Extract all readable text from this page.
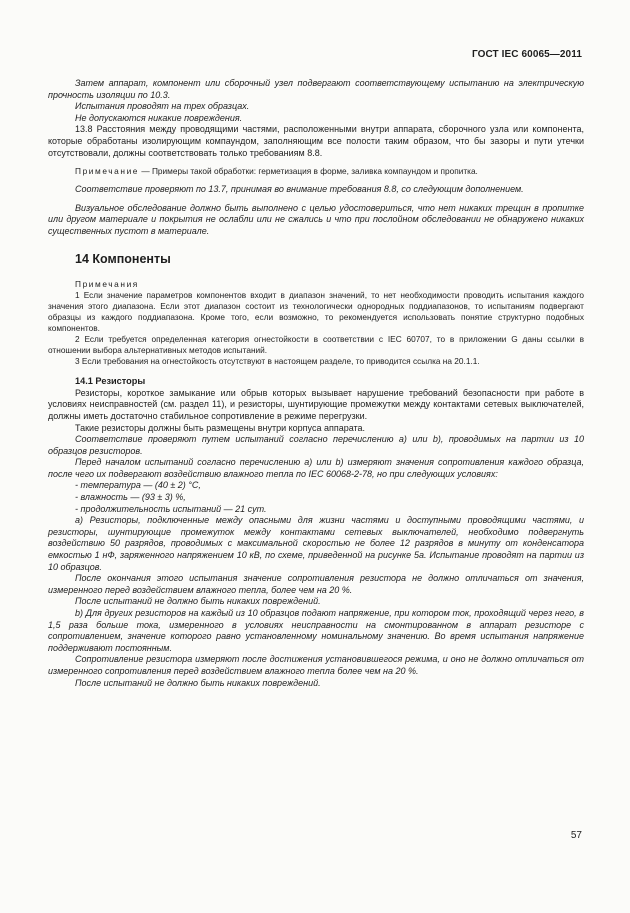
ГОСТ IEC 60065—2011

Затем аппарат, компонент или сборочный узел подвергают соответствующему испытанию на электрическую прочность изоляции по 10.3.

Испытания проводят на трех образцах.

Не допускаются никакие повреждения.

13.8 Расстояния между проводящими частями, расположенными внутри аппарата, сборочного узла или компонента, которые обработаны изолирующим компаундом, заполняющим все полости таким образом, что бы зазоры и пути утечки отсутствовали, должны соответствовать только требованиям 8.8.

Примечание — Примеры такой обработки: герметизация в форме, заливка компаундом и пропитка.

Соответствие проверяют по 13.7, принимая во внимание требования 8.8, со следующим дополнением.

Визуальное обследование должно быть выполнено с целью удостовериться, что нет никаких трещин в пропитке или другом материале и покрытия не ослабли или не сжались и что при послойном обследовании не обнаружено никаких существенных пустот в материале.

14 Компоненты

Примечания

1 Если значение параметров компонентов входит в диапазон значений, то нет необходимости проводить испытания каждого значения этого диапазона. Если этот диапазон состоит из технологически однородных поддиапазонов, то испытаниям подвергают образцы из каждого поддиапазона. Кроме того, если возможно, то рекомендуется использовать понятие структурно подобных компонентов.

2 Если требуется определенная категория огнестойкости в соответствии с IEC 60707, то в приложении G даны ссылки в отношении выбора альтернативных методов испытаний.

3 Если требования на огнестойкость отсутствуют в настоящем разделе, то приводится ссылка на 20.1.1.

14.1 Резисторы

Резисторы, короткое замыкание или обрыв которых вызывает нарушение требований безопасности при работе в условиях неисправностей (см. раздел 11), и резисторы, шунтирующие промежутки между контактами сетевых выключателей, должны иметь достаточно стабильное сопротивление в режиме перегрузки.

Такие резисторы должны быть размещены внутри корпуса аппарата.

Соответствие проверяют путем испытаний согласно перечислению a) или b), проводимых на партии из 10 образцов резисторов.

Перед началом испытаний согласно перечислению a) или b) измеряют значения сопротивления каждого образца, после чего их подвергают воздействию влажного тепла по IEC 60068-2-78, но при следующих условиях:

- температура — (40 ± 2) °С,

- влажность — (93 ± 3) %,

- продолжительность испытаний — 21 сут.

a) Резисторы, подключенные между опасными для жизни частями и доступными проводящими частями, и резисторы, шунтирующие промежуток между контактами сетевых выключателей, необходимо подвергнуть воздействию 50 разрядов, проводимых с максимальной скоростью не более 12 разрядов в минуту от конденсатора емкостью 1 нФ, заряженного напряжением 10 кВ, по схеме, приведенной на рисунке 5а. Испытание проводят на партии из 10 образцов.

После окончания этого испытания значение сопротивления резистора не должно отличаться от значения, измеренного перед воздействием влажного тепла, более чем на 20 %.

После испытаний не должно быть никаких повреждений.

b) Для других резисторов на каждый из 10 образцов подают напряжение, при котором ток, проходящий через него, в 1,5 раза больше тока, измеренного в условиях неисправности на смонтированном в аппарат резисторе с сопротивлением, значение которого равно установленному номинальному значению. Во время испытания напряжение поддерживают постоянным.

Сопротивление резистора измеряют после достижения установившегося режима, и оно не должно отличаться от измеренного сопротивления перед воздействием влажного тепла более чем на 20 %.

После испытаний не должно быть никаких повреждений.

57
